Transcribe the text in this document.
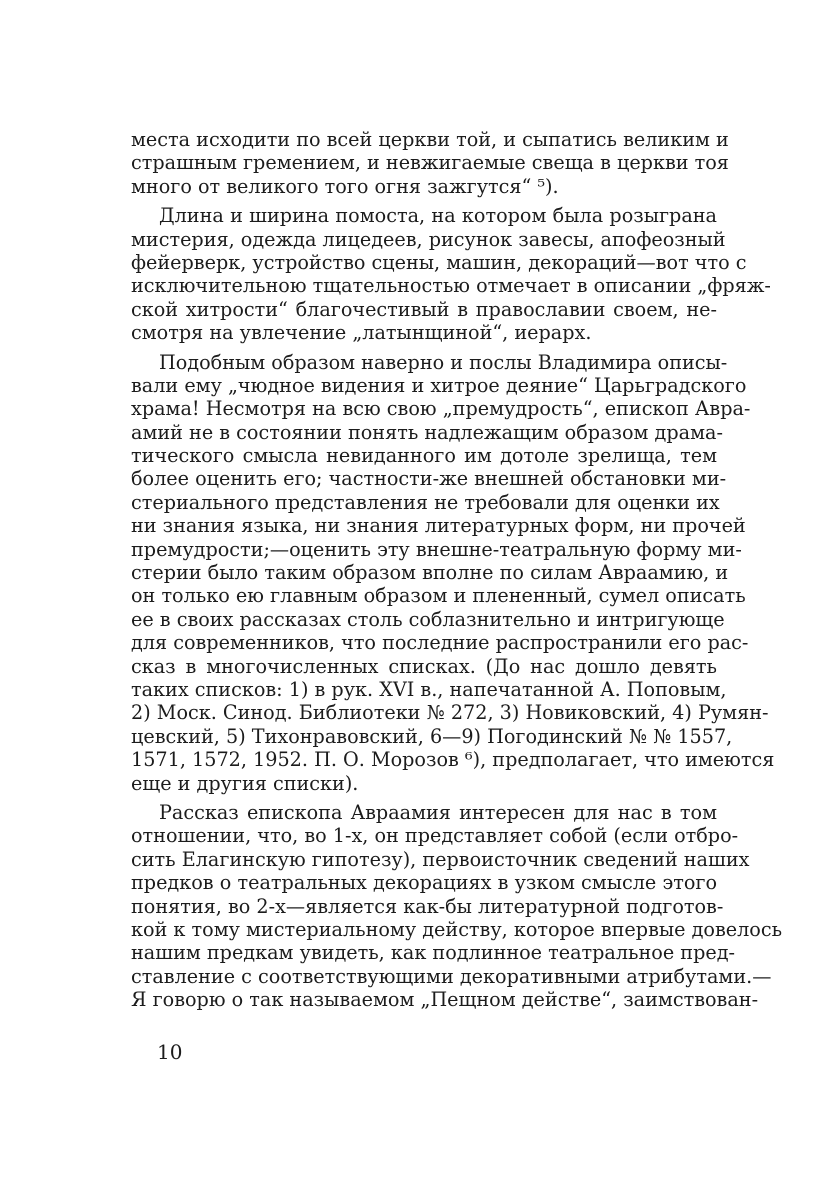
места исходити по всей церкви той, и сыпатись великим и
страшным гремением, и невжигаемые свеща в церкви тоя
много от великого того огня зажгутся“ ⁵).
Длина и ширина помоста, на котором была розыграна
мистерия, одежда лицедеев, рисунок завесы, апофеозный
фейерверк, устройство сцены, машин, декораций—вот что с
исключительною тщательностью отмечает в описании „фряж-
ской хитрости“ благочестивый в православии своем, не-
смотря на увлечение „латынщиной“, иерарх.
Подобным образом наверно и послы Владимира описы-
вали ему „чюдное видения и хитрое деяние“ Царьградского
храма! Несмотря на всю свою „премудрость“, епископ Авра-
амий не в состоянии понять надлежащим образом драма-
тического смысла невиданного им дотоле зрелища, тем
более оценить его; частности-же внешней обстановки ми-
стериального представления не требовали для оценки их
ни знания языка, ни знания литературных форм, ни прочей
премудрости;—оценить эту внешне-театральную форму ми-
стерии было таким образом вполне по силам Авраамию, и
он только ею главным образом и плененный, сумел описать
ее в своих рассказах столь соблазнительно и интригующе
для современников, что последние распространили его рас-
сказ в многочисленных списках. (До нас дошло девять
таких списков: 1) в рук. XVI в., напечатанной А. Поповым,
2) Моск. Синод. Библиотеки № 272, 3) Новиковский, 4) Румян-
цевский, 5) Тихонравовский, 6—9) Погодинский № № 1557,
1571, 1572, 1952. П. О. Морозов ⁶), предполагает, что имеются
еще и другия списки).
Рассказ епископа Авраамия интересен для нас в том
отношении, что, во 1-х, он представляет собой (если отбро-
сить Елагинскую гипотезу), первоисточник сведений наших
предков о театральных декорациях в узком смысле этого
понятия, во 2-х—является как-бы литературной подготов-
кой к тому мистериальному действу, которое впервые довелось
нашим предкам увидеть, как подлинное театральное пред-
ставление с соответствующими декоративными атрибутами.—
Я говорю о так называемом „Пещном действе“, заимствован-
10
